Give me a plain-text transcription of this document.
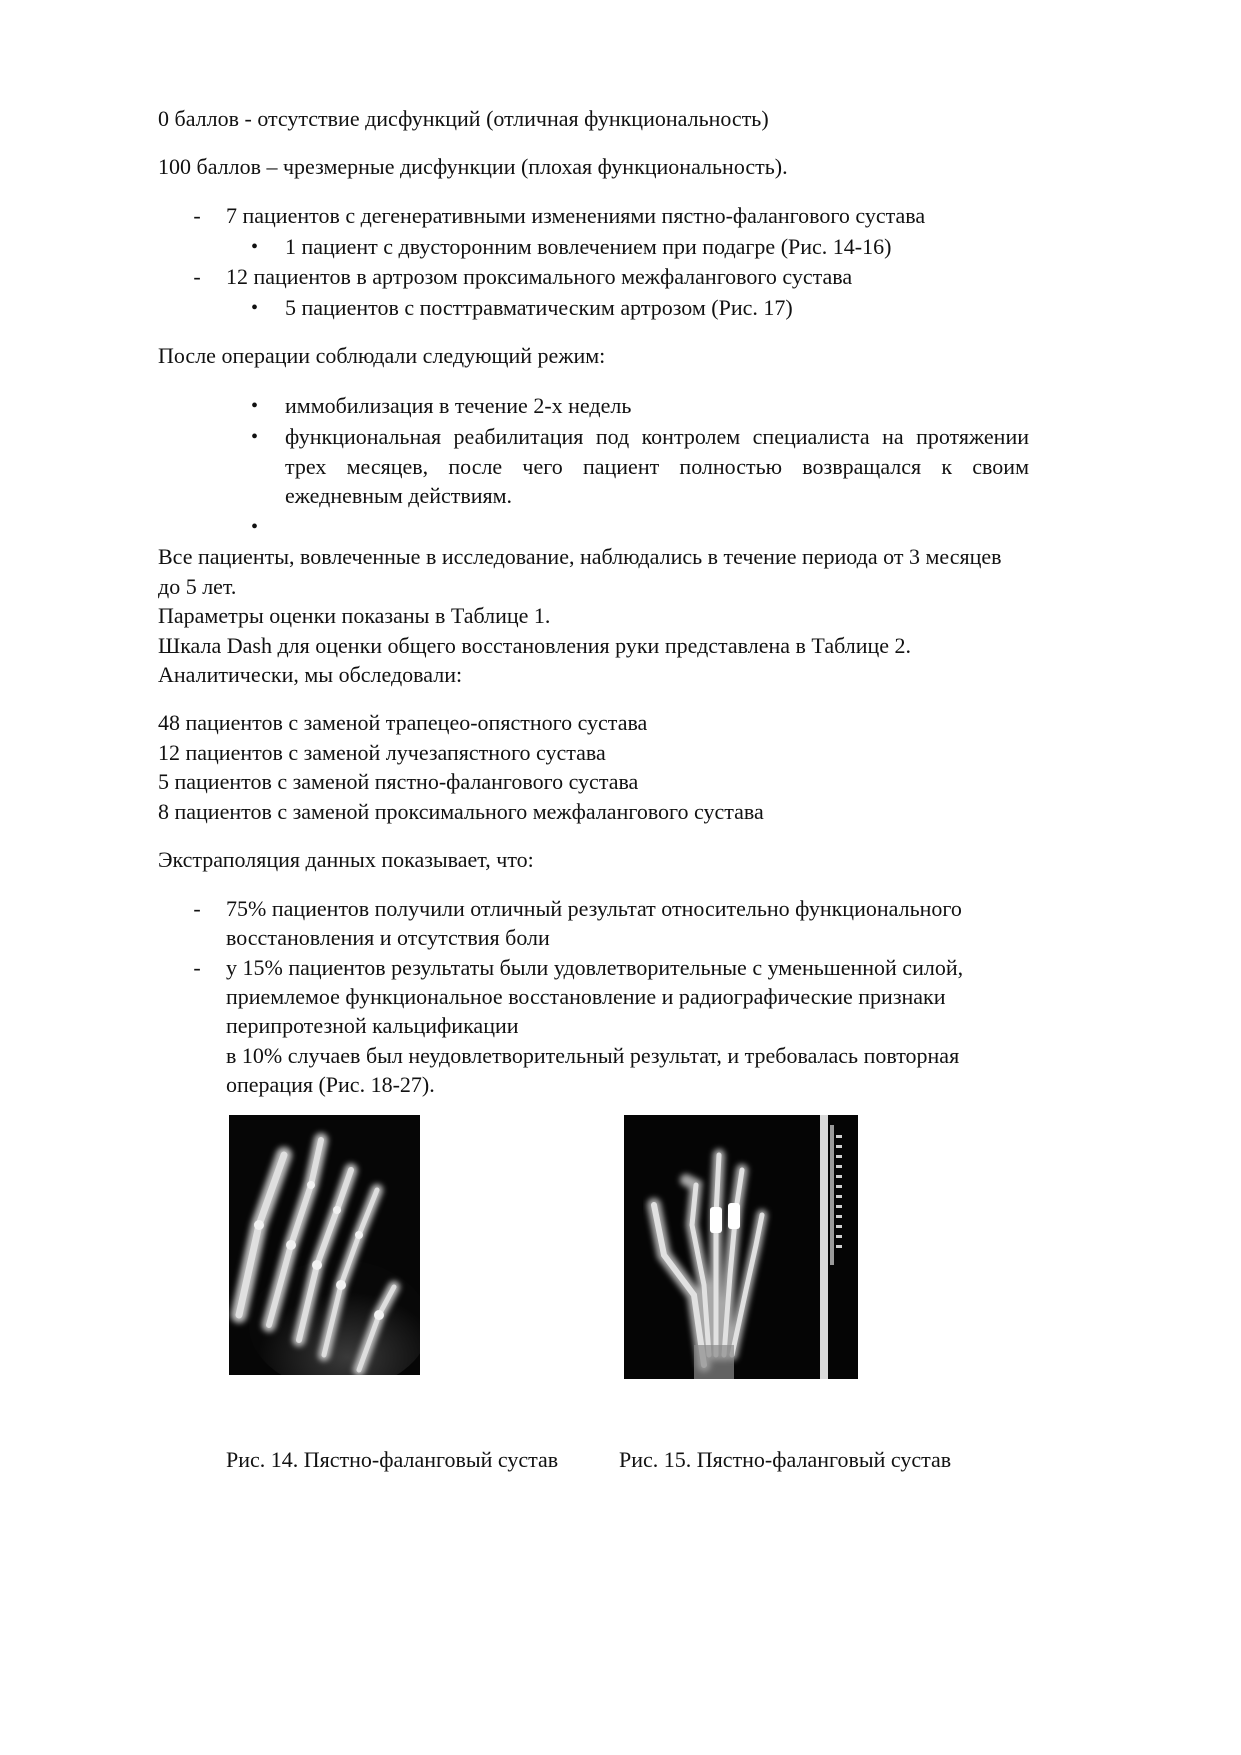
0 баллов - отсутствие дисфункций (отличная функциональность)
100 баллов – чрезмерные дисфункции (плохая функциональность).
- 7 пациентов с дегенеративными изменениями пястно-фалангового сустава
• 1 пациент с двусторонним вовлечением при подагре (Рис. 14-16)
- 12 пациентов в артрозом проксимального межфалангового сустава
• 5 пациентов с посттравматическим артрозом (Рис. 17)
После операции соблюдали следующий режим:
• иммобилизация в течение 2-х недель
• функциональная реабилитация под контролем специалиста на протяжении
трех месяцев, после чего пациент полностью возвращался к своим
ежедневным действиям.
•
Все пациенты, вовлеченные в исследование, наблюдались в течение периода от 3 месяцев
до 5 лет.
Параметры оценки показаны в Таблице 1.
Шкала Dash для оценки общего восстановления руки представлена в Таблице 2.
Аналитически, мы обследовали:
48 пациентов с заменой трапецео-опястного сустава
12 пациентов с заменой лучезапястного сустава
5 пациентов с заменой пястно-фалангового сустава
8 пациентов с заменой проксимального межфалангового сустава
Экстраполяция данных показывает, что:
- 75% пациентов получили отличный результат относительно функционального
восстановления и отсутствия боли
- у 15% пациентов результаты были удовлетворительные с уменьшенной силой,
приемлемое функциональное восстановление и радиографические признаки
перипротезной кальцификации
в 10% случаев был неудовлетворительный результат, и требовалась повторная
операция (Рис. 18-27).
Рис. 14. Пястно-фаланговый сустав	Рис. 15. Пястно-фаланговый сустав
